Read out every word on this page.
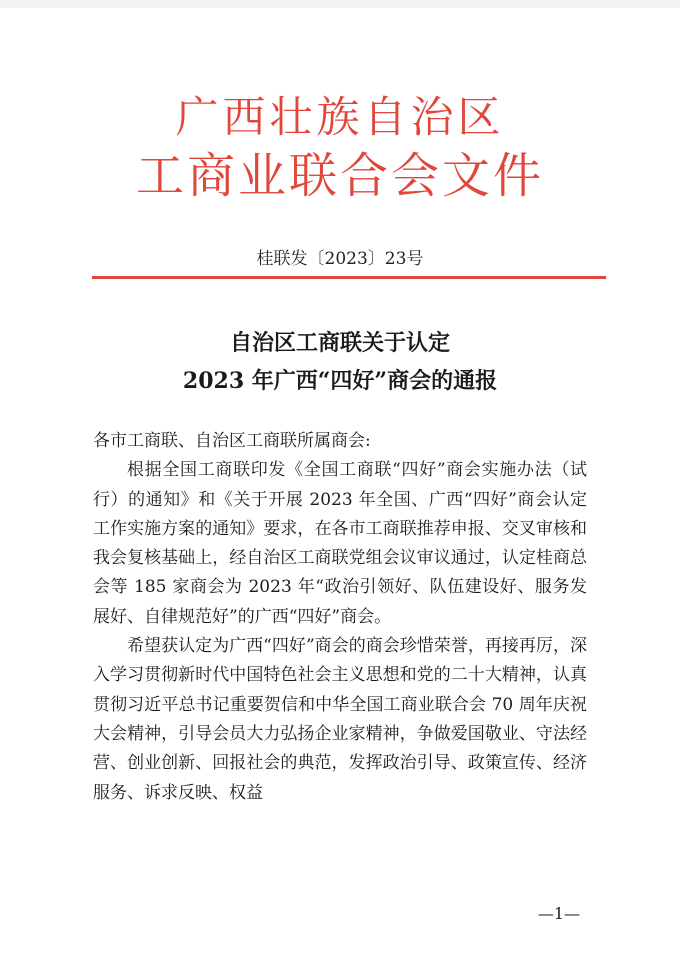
广西壮族自治区
工商业联合会文件
桂联发〔2023〕23号
自治区工商联关于认定
2023 年广西“四好”商会的通报

各市工商联、自治区工商联所属商会:

根据全国工商联印发《全国工商联“四好”商会实施办法（试行）的通知》和《关于开展 2023 年全国、广西“四好”商会认定工作实施方案的通知》要求，在各市工商联推荐申报、交叉审核和我会复核基础上，经自治区工商联党组会议审议通过，认定桂商总会等 185 家商会为 2023 年“政治引领好、队伍建设好、服务发展好、自律规范好”的广西“四好”商会。

希望获认定为广西“四好”商会的商会珍惜荣誉，再接再厉，深入学习贯彻新时代中国特色社会主义思想和党的二十大精神，认真贯彻习近平总书记重要贺信和中华全国工商业联合会 70 周年庆祝大会精神，引导会员大力弘扬企业家精神，争做爱国敬业、守法经营、创业创新、回报社会的典范，发挥政治引导、政策宣传、经济服务、诉求反映、权益

—1—
